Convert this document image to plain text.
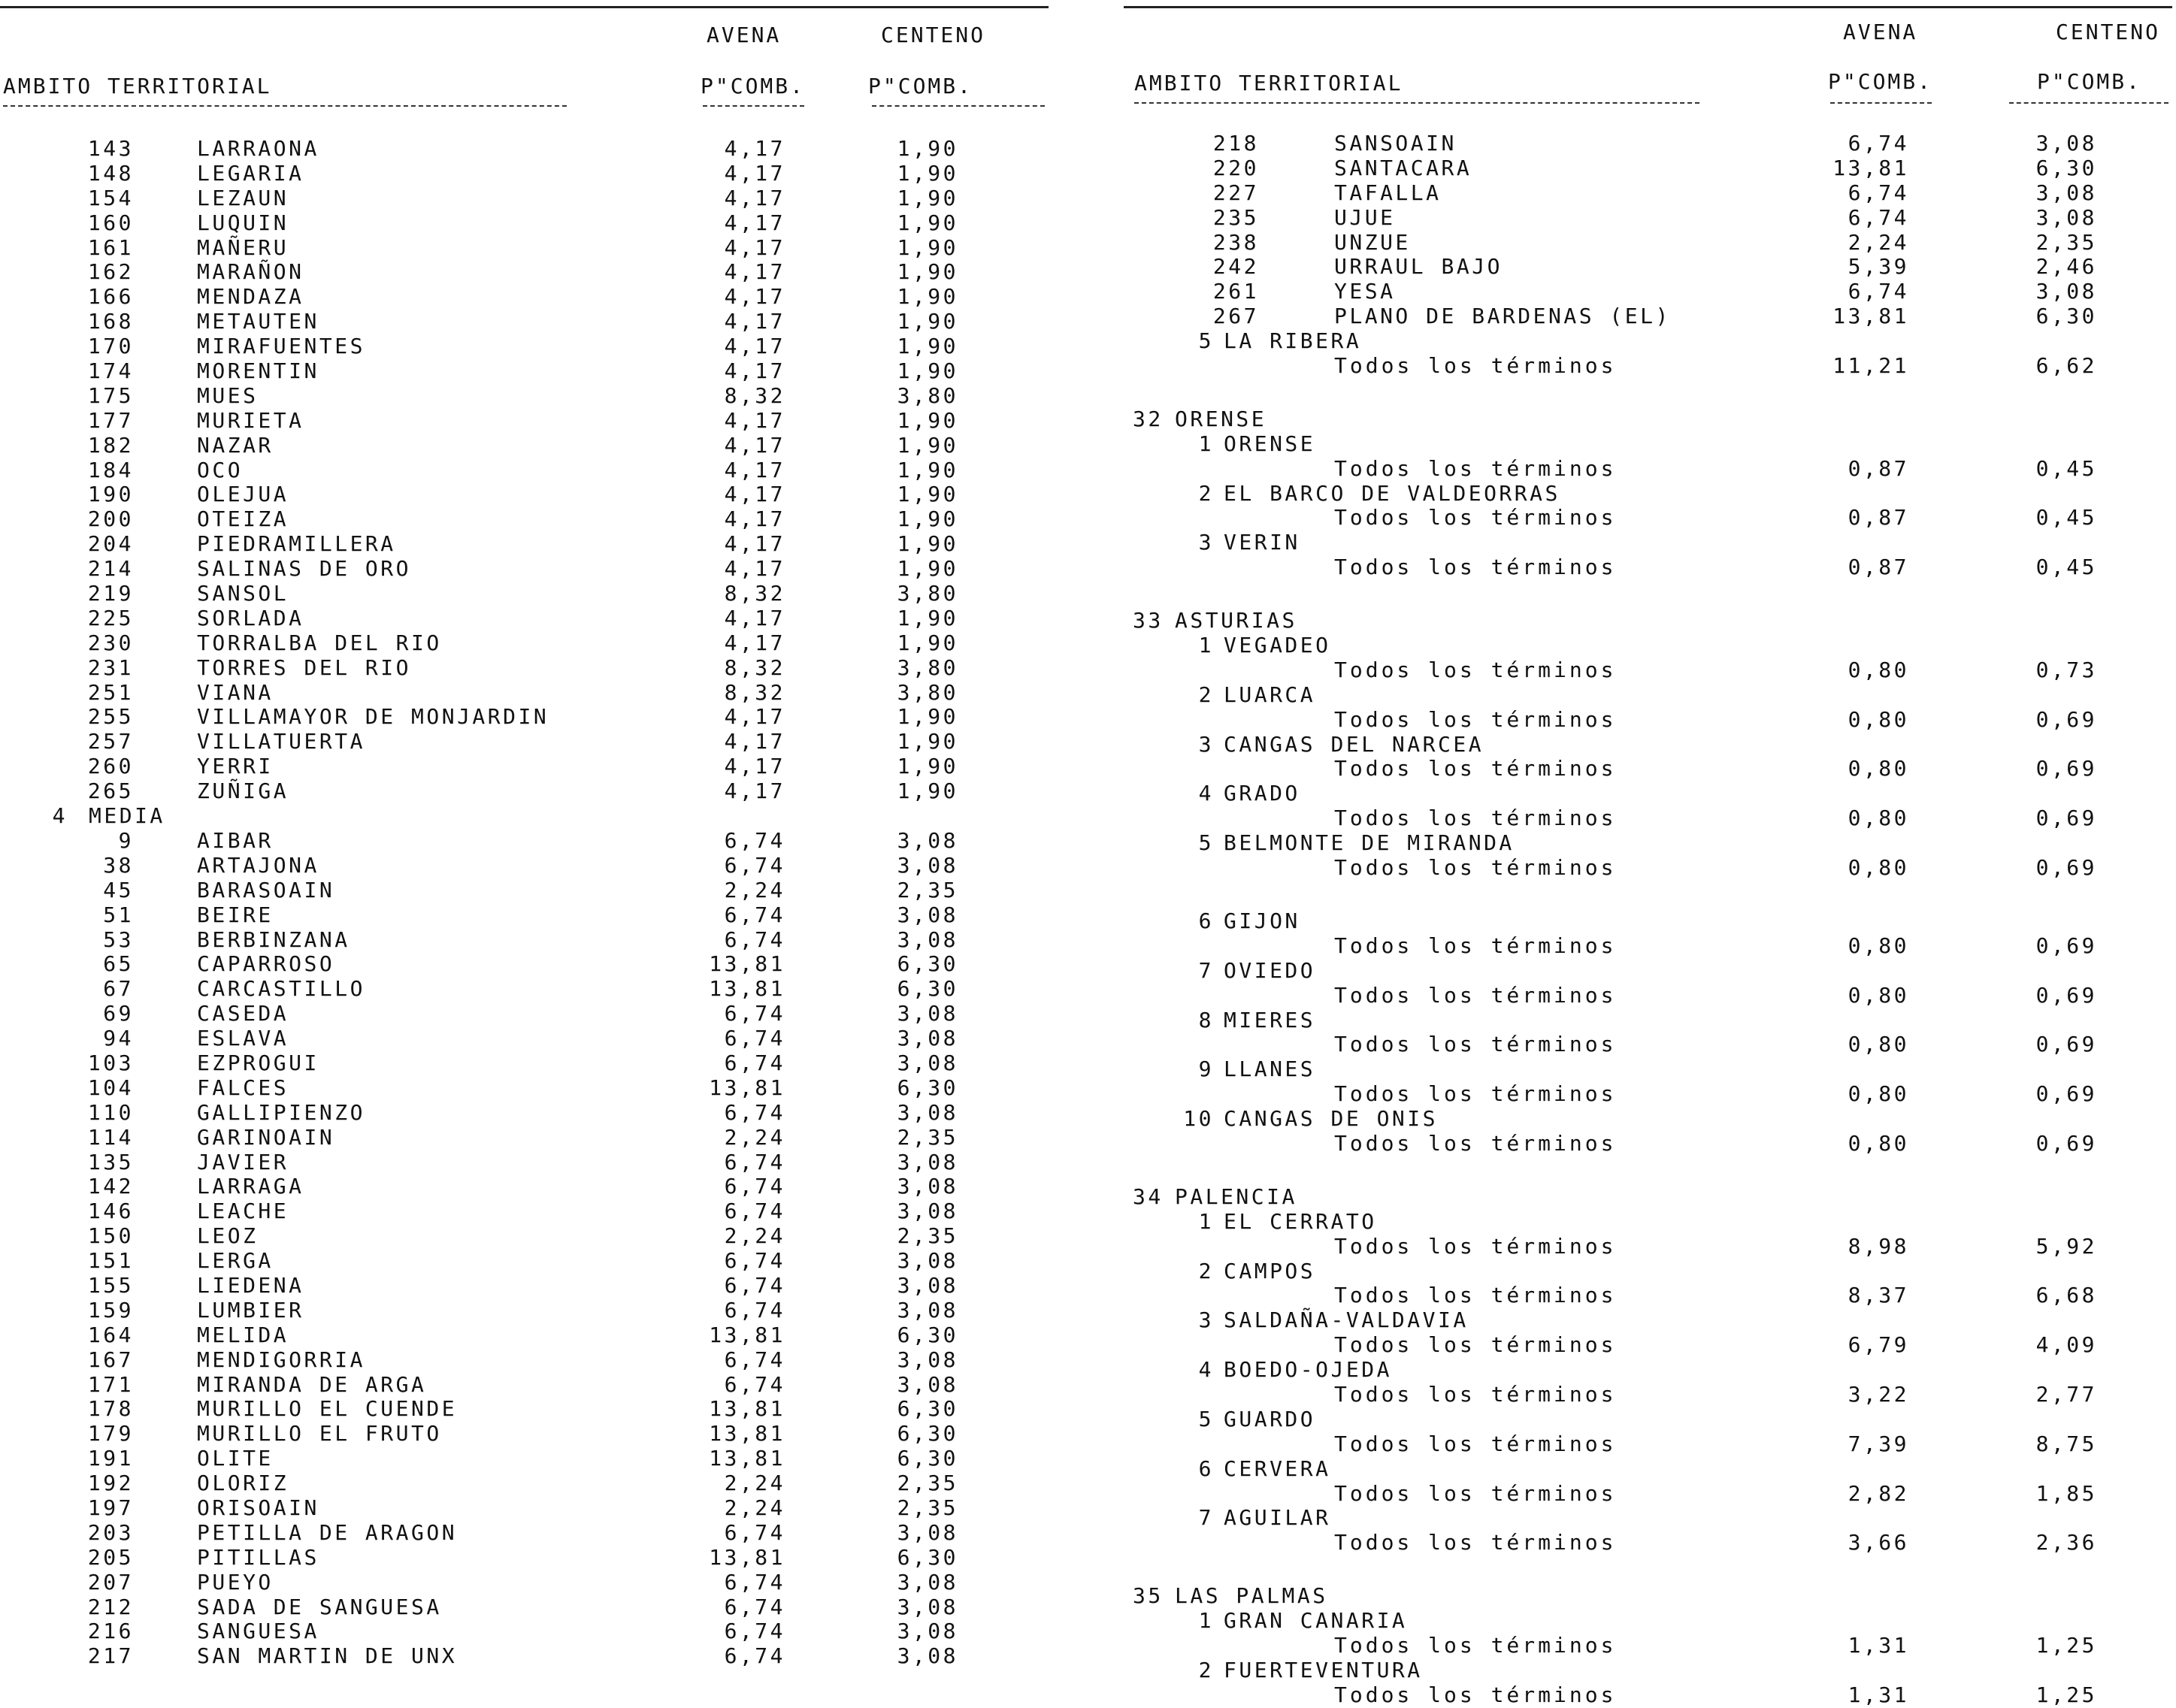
AVENA	CENTENO
AMBITO TERRITORIAL	P"COMB.	P"COMB.
143	LARRAONA	4,17	1,90
148	LEGARIA	4,17	1,90
154	LEZAUN	4,17	1,90
160	LUQUIN	4,17	1,90
161	MAÑERU	4,17	1,90
162	MARAÑON	4,17	1,90
166	MENDAZA	4,17	1,90
168	METAUTEN	4,17	1,90
170	MIRAFUENTES	4,17	1,90
174	MORENTIN	4,17	1,90
175	MUES	8,32	3,80
177	MURIETA	4,17	1,90
182	NAZAR	4,17	1,90
184	OCO	4,17	1,90
190	OLEJUA	4,17	1,90
200	OTEIZA	4,17	1,90
204	PIEDRAMILLERA	4,17	1,90
214	SALINAS DE ORO	4,17	1,90
219	SANSOL	8,32	3,80
225	SORLADA	4,17	1,90
230	TORRALBA DEL RIO	4,17	1,90
231	TORRES DEL RIO	8,32	3,80
251	VIANA	8,32	3,80
255	VILLAMAYOR DE MONJARDIN	4,17	1,90
257	VILLATUERTA	4,17	1,90
260	YERRI	4,17	1,90
265	ZUÑIGA	4,17	1,90
4 MEDIA
9	AIBAR	6,74	3,08
38	ARTAJONA	6,74	3,08
45	BARASOAIN	2,24	2,35
51	BEIRE	6,74	3,08
53	BERBINZANA	6,74	3,08
65	CAPARROSO	13,81	6,30
67	CARCASTILLO	13,81	6,30
69	CASEDA	6,74	3,08
94	ESLAVA	6,74	3,08
103	EZPROGUI	6,74	3,08
104	FALCES	13,81	6,30
110	GALLIPIENZO	6,74	3,08
114	GARINOAIN	2,24	2,35
135	JAVIER	6,74	3,08
142	LARRAGA	6,74	3,08
146	LEACHE	6,74	3,08
150	LEOZ	2,24	2,35
151	LERGA	6,74	3,08
155	LIEDENA	6,74	3,08
159	LUMBIER	6,74	3,08
164	MELIDA	13,81	6,30
167	MENDIGORRIA	6,74	3,08
171	MIRANDA DE ARGA	6,74	3,08
178	MURILLO EL CUENDE	13,81	6,30
179	MURILLO EL FRUTO	13,81	6,30
191	OLITE	13,81	6,30
192	OLORIZ	2,24	2,35
197	ORISOAIN	2,24	2,35
203	PETILLA DE ARAGON	6,74	3,08
205	PITILLAS	13,81	6,30
207	PUEYO	6,74	3,08
212	SADA DE SANGUESA	6,74	3,08
216	SANGUESA	6,74	3,08
217	SAN MARTIN DE UNX	6,74	3,08
AVENA	CENTENO
AMBITO TERRITORIAL	P"COMB.	P"COMB.
218	SANSOAIN	6,74	3,08
220	SANTACARA	13,81	6,30
227	TAFALLA	6,74	3,08
235	UJUE	6,74	3,08
238	UNZUE	2,24	2,35
242	URRAUL BAJO	5,39	2,46
261	YESA	6,74	3,08
267	PLANO DE BARDENAS (EL)	13,81	6,30
5 LA RIBERA
Todos los términos	11,21	6,62
32 ORENSE
1 ORENSE
Todos los términos	0,87	0,45
2 EL BARCO DE VALDEORRAS
Todos los términos	0,87	0,45
3 VERIN
Todos los términos	0,87	0,45
33 ASTURIAS
1 VEGADEO
Todos los términos	0,80	0,73
2 LUARCA
Todos los términos	0,80	0,69
3 CANGAS DEL NARCEA
Todos los términos	0,80	0,69
4 GRADO
Todos los términos	0,80	0,69
5 BELMONTE DE MIRANDA
Todos los términos	0,80	0,69
6 GIJON
Todos los términos	0,80	0,69
7 OVIEDO
Todos los términos	0,80	0,69
8 MIERES
Todos los términos	0,80	0,69
9 LLANES
Todos los términos	0,80	0,69
10 CANGAS DE ONIS
Todos los términos	0,80	0,69
34 PALENCIA
1 EL CERRATO
Todos los términos	8,98	5,92
2 CAMPOS
Todos los términos	8,37	6,68
3 SALDAÑA-VALDAVIA
Todos los términos	6,79	4,09
4 BOEDO-OJEDA
Todos los términos	3,22	2,77
5 GUARDO
Todos los términos	7,39	8,75
6 CERVERA
Todos los términos	2,82	1,85
7 AGUILAR
Todos los términos	3,66	2,36
35 LAS PALMAS
1 GRAN CANARIA
Todos los términos	1,31	1,25
2 FUERTEVENTURA
Todos los términos	1,31	1,25
